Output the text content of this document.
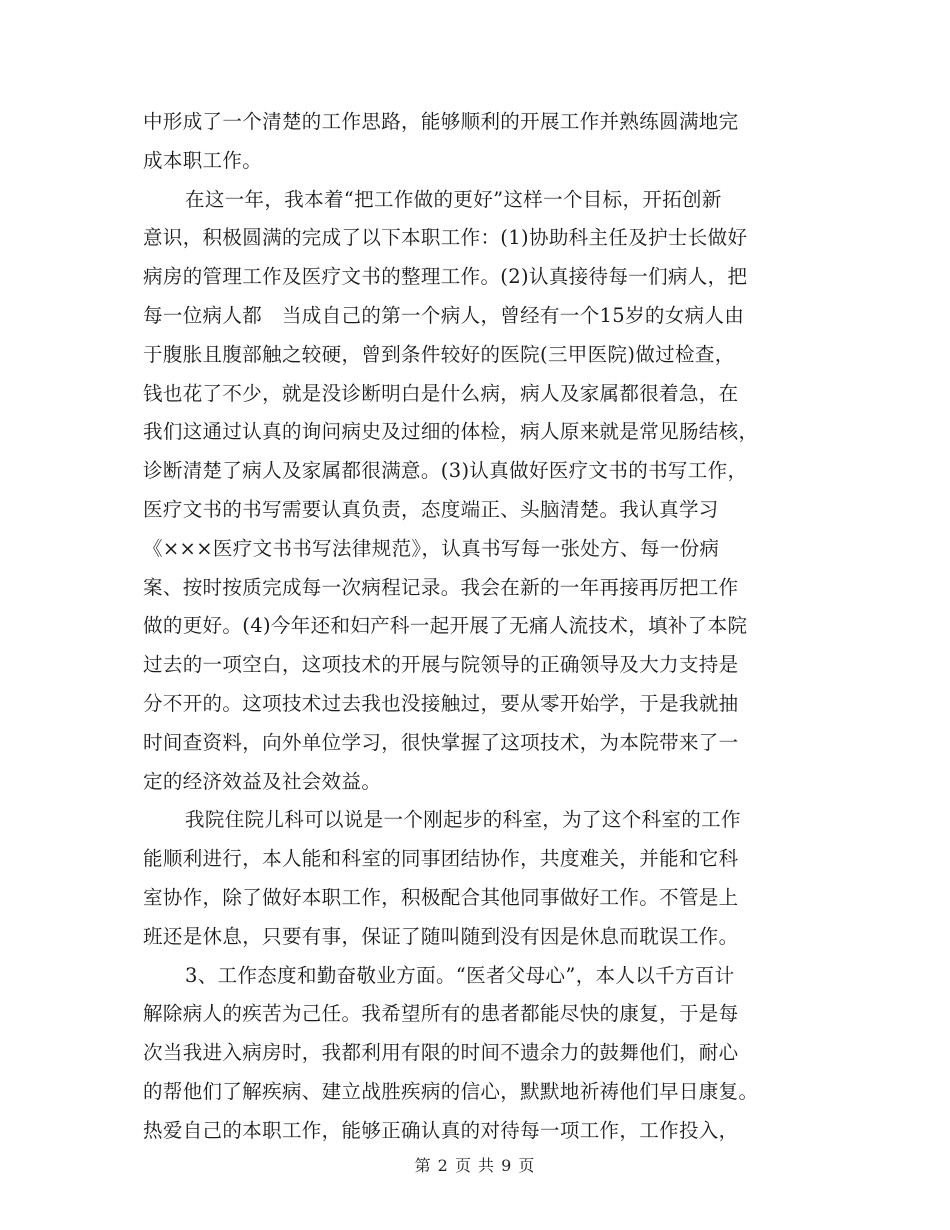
中形成了一个清楚的工作思路，能够顺利的开展工作并熟练圆满地完
成本职工作。
在这一年，我本着“把工作做的更好”这样一个目标，开拓创新
意识，积极圆满的完成了以下本职工作：(1)协助科主任及护士长做好
病房的管理工作及医疗文书的整理工作。(2)认真接待每一们病人，把
每一位病人都　当成自己的第一个病人，曾经有一个15岁的女病人由
于腹胀且腹部触之较硬，曾到条件较好的医院(三甲医院)做过检查，
钱也花了不少，就是没诊断明白是什么病，病人及家属都很着急，在
我们这通过认真的询问病史及过细的体检，病人原来就是常见肠结核，
诊断清楚了病人及家属都很满意。(3)认真做好医疗文书的书写工作，
医疗文书的书写需要认真负责，态度端正、头脑清楚。我认真学习
《×××医疗文书书写法律规范》，认真书写每一张处方、每一份病
案、按时按质完成每一次病程记录。我会在新的一年再接再厉把工作
做的更好。(4)今年还和妇产科一起开展了无痛人流技术，填补了本院
过去的一项空白，这项技术的开展与院领导的正确领导及大力支持是
分不开的。这项技术过去我也没接触过，要从零开始学，于是我就抽
时间查资料，向外单位学习，很快掌握了这项技术，为本院带来了一
定的经济效益及社会效益。
我院住院儿科可以说是一个刚起步的科室，为了这个科室的工作
能顺利进行，本人能和科室的同事团结协作，共度难关，并能和它科
室协作，除了做好本职工作，积极配合其他同事做好工作。不管是上
班还是休息，只要有事，保证了随叫随到没有因是休息而耽误工作。
3、工作态度和勤奋敬业方面。“医者父母心”，本人以千方百计
解除病人的疾苦为己任。我希望所有的患者都能尽快的康复，于是每
次当我进入病房时，我都利用有限的时间不遗余力的鼓舞他们，耐心
的帮他们了解疾病、建立战胜疾病的信心，默默地祈祷他们早日康复。
热爱自己的本职工作，能够正确认真的对待每一项工作，工作投入，
第 2 页 共 9 页
